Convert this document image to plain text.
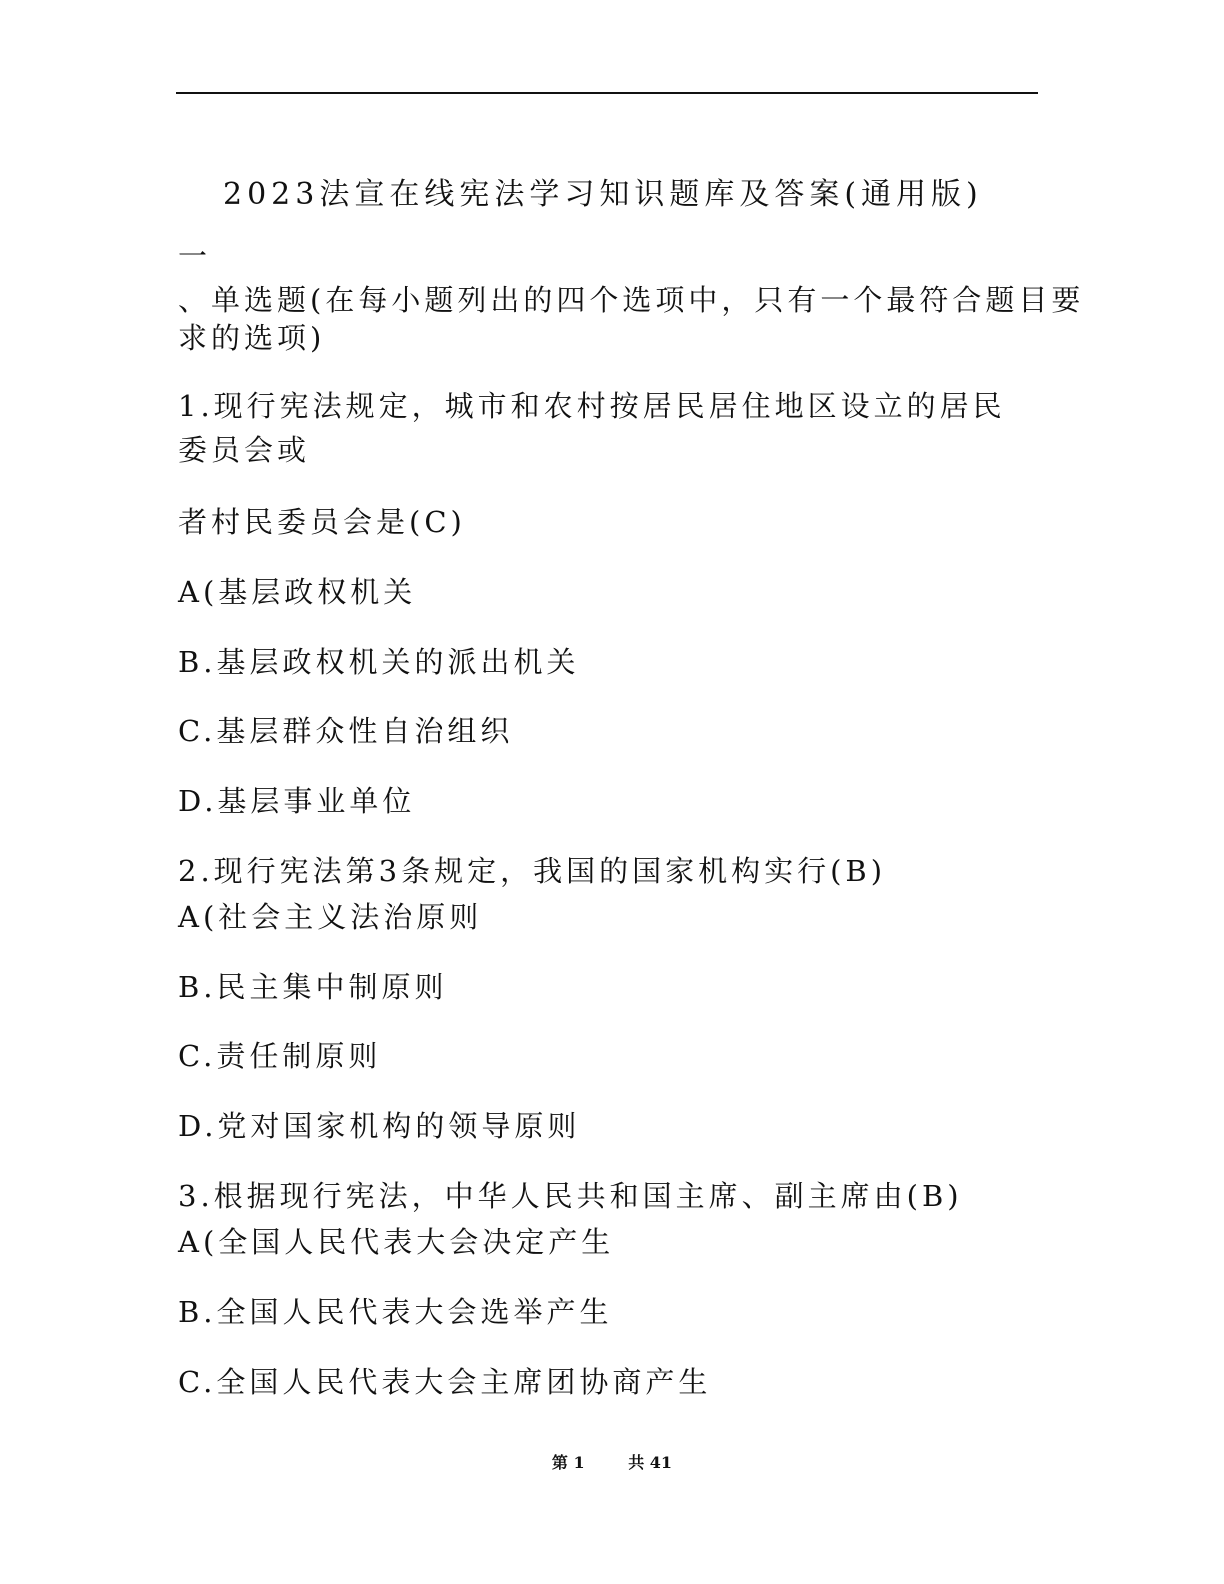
2023法宣在线宪法学习知识题库及答案(通用版)
一
、单选题(在每小题列出的四个选项中，只有一个最符合题目要
求的选项)
1.现行宪法规定，城市和农村按居民居住地区设立的居民
委员会或
者村民委员会是(C)
A(基层政权机关
B.基层政权机关的派出机关
C.基层群众性自治组织
D.基层事业单位
2.现行宪法第3条规定，我国的国家机构实行(B)
A(社会主义法治原则
B.民主集中制原则
C.责任制原则
D.党对国家机构的领导原则
3.根据现行宪法，中华人民共和国主席、副主席由(B)
A(全国人民代表大会决定产生
B.全国人民代表大会选举产生
C.全国人民代表大会主席团协商产生
第 1	共 41
